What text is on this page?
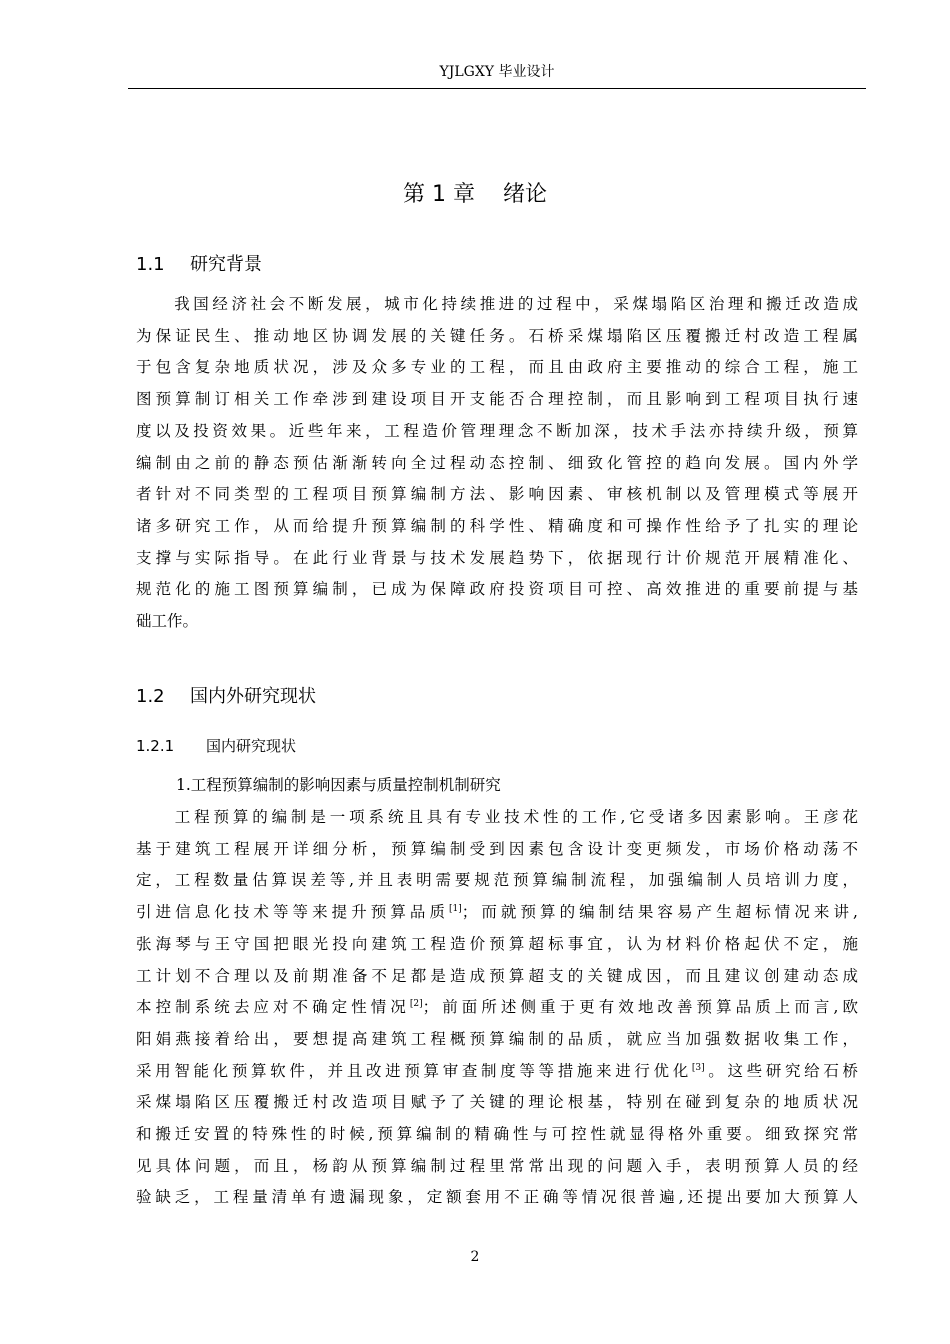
YJLGXY 毕业设计
第 1 章    绪论
1.1 研究背景
　　我国经济社会不断发展，城市化持续推进的过程中，采煤塌陷区治理和搬迁改造成
为保证民生、推动地区协调发展的关键任务。石桥采煤塌陷区压覆搬迁村改造工程属
于包含复杂地质状况，涉及众多专业的工程，而且由政府主要推动的综合工程，施工
图预算制订相关工作牵涉到建设项目开支能否合理控制，而且影响到工程项目执行速
度以及投资效果。近些年来，工程造价管理理念不断加深，技术手法亦持续升级，预算
编制由之前的静态预估渐渐转向全过程动态控制、细致化管控的趋向发展。国内外学
者针对不同类型的工程项目预算编制方法、影响因素、审核机制以及管理模式等展开
诸多研究工作，从而给提升预算编制的科学性、精确度和可操作性给予了扎实的理论
支撑与实际指导。在此行业背景与技术发展趋势下，依据现行计价规范开展精准化、
规范化的施工图预算编制，已成为保障政府投资项目可控、高效推进的重要前提与基
础工作。
1.2 国内外研究现状
1.2.1 国内研究现状
1.工程预算编制的影响因素与质量控制机制研究
　　工程预算的编制是一项系统且具有专业技术性的工作,它受诸多因素影响。王彦花
基于建筑工程展开详细分析，预算编制受到因素包含设计变更频发，市场价格动荡不
定，工程数量估算误差等,并且表明需要规范预算编制流程，加强编制人员培训力度，
引进信息化技术等等来提升预算品质[1]；而就预算的编制结果容易产生超标情况来讲,
张海琴与王守国把眼光投向建筑工程造价预算超标事宜，认为材料价格起伏不定，施
工计划不合理以及前期准备不足都是造成预算超支的关键成因，而且建议创建动态成
本控制系统去应对不确定性情况[2]；前面所述侧重于更有效地改善预算品质上而言,欧
阳娟燕接着给出，要想提高建筑工程概预算编制的品质，就应当加强数据收集工作，
采用智能化预算软件，并且改进预算审查制度等等措施来进行优化[3]。这些研究给石桥
采煤塌陷区压覆搬迁村改造项目赋予了关键的理论根基，特别在碰到复杂的地质状况
和搬迁安置的特殊性的时候,预算编制的精确性与可控性就显得格外重要。细致探究常
见具体问题，而且，杨韵从预算编制过程里常常出现的问题入手，表明预算人员的经
验缺乏，工程量清单有遗漏现象，定额套用不正确等情况很普遍,还提出要加大预算人
2
